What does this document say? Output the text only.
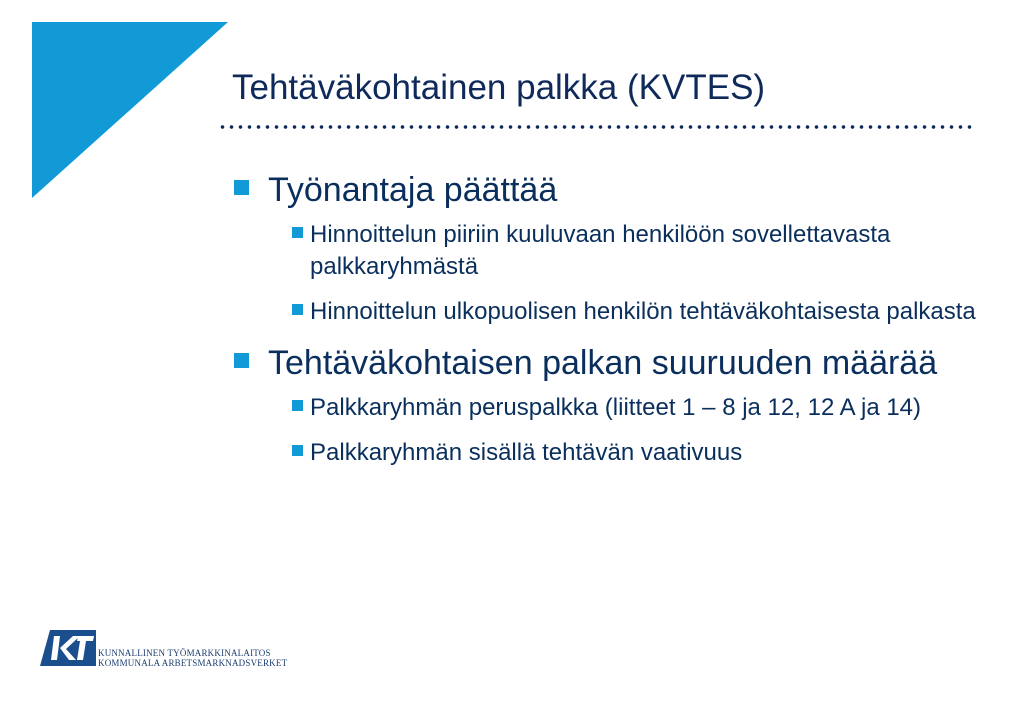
Tehtäväkohtainen palkka (KVTES)
Työnantaja päättää
Hinnoittelun piiriin kuuluvaan henkilöön sovellettavasta palkkaryhmästä
Hinnoittelun ulkopuolisen henkilön tehtäväkohtaisesta palkasta
Tehtäväkohtaisen palkan suuruuden määrää
Palkkaryhmän peruspalkka (liitteet 1 – 8 ja 12, 12 A ja 14)
Palkkaryhmän sisällä tehtävän vaativuus
KUNNALLINEN TYÖMARKKINALAITOS
KOMMUNALA ARBETSMARKNADSVERKET
